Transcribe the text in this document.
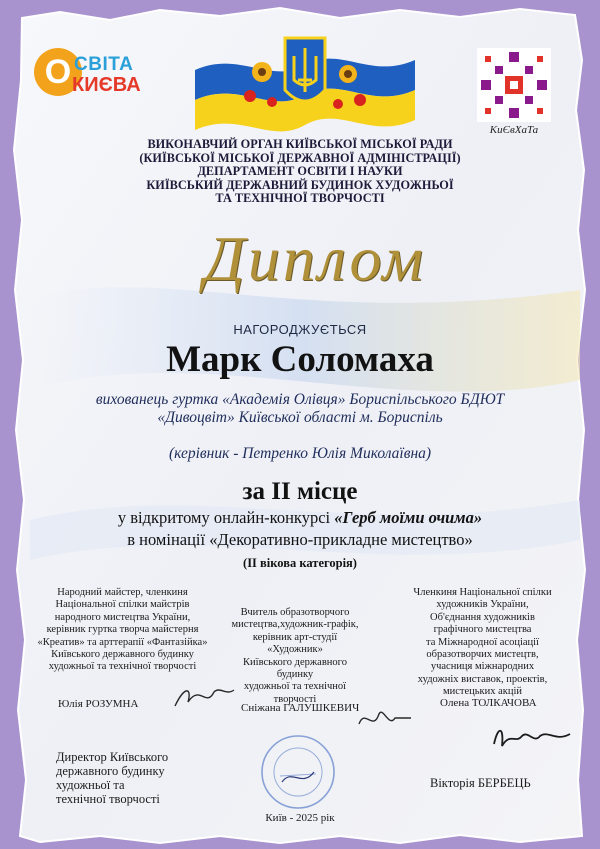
О СВІТА
КИЄВА
КиЄвХаТа
ВИКОНАВЧИЙ ОРГАН КИЇВСЬКОЇ МІСЬКОЇ РАДИ
(КИЇВСЬКОЇ МІСЬКОЇ ДЕРЖАВНОЇ АДМІНІСТРАЦІЇ)
ДЕПАРТАМЕНТ ОСВІТИ І НАУКИ
КИЇВСЬКИЙ ДЕРЖАВНИЙ БУДИНОК ХУДОЖНЬОЇ
ТА ТЕХНІЧНОЇ ТВОРЧОСТІ
Диплом
НАГОРОДЖУЄТЬСЯ
Марк Соломаха
вихованець гуртка «Академія Олівця» Бориспільського БДЮТ
«Дивоцвіт» Київської області м. Бориспіль
(керівник - Петренко Юлія Миколаївна)
за ІІ місце
у відкритому онлайн-конкурсі «Герб моїми очима»
в номінації «Декоративно-прикладне мистецтво»
(ІІ вікова категорія)
Народний майстер, членкиня
Національної спілки майстрів
народного мистецтва України,
керівник гуртка творча майстерня
«Креатив» та арттерапії «Фантазійка»
Київського державного будинку
художньої та технічної творчості
Вчитель образотворчого
мистецтва,художник-графік,
керівник арт-студії
«Художник»
Київського державного
будинку
художньої та технічної
творчості
Членкиня Національної спілки
художників України,
Об'єднання художників
графічного мистецтва
та Міжнародної асоціації
образотворчих мистецтв,
учасниця міжнародних
художніх виставок, проектів,
мистецьких акцій
Юлія РОЗУМНА	Сніжана ГАЛУШКЕВИЧ	Олена ТОЛКАЧОВА
Директор Київського
державного будинку
художньої та
технічної творчості
Вікторія БЕРБЕЦЬ
Київ - 2025 рік
